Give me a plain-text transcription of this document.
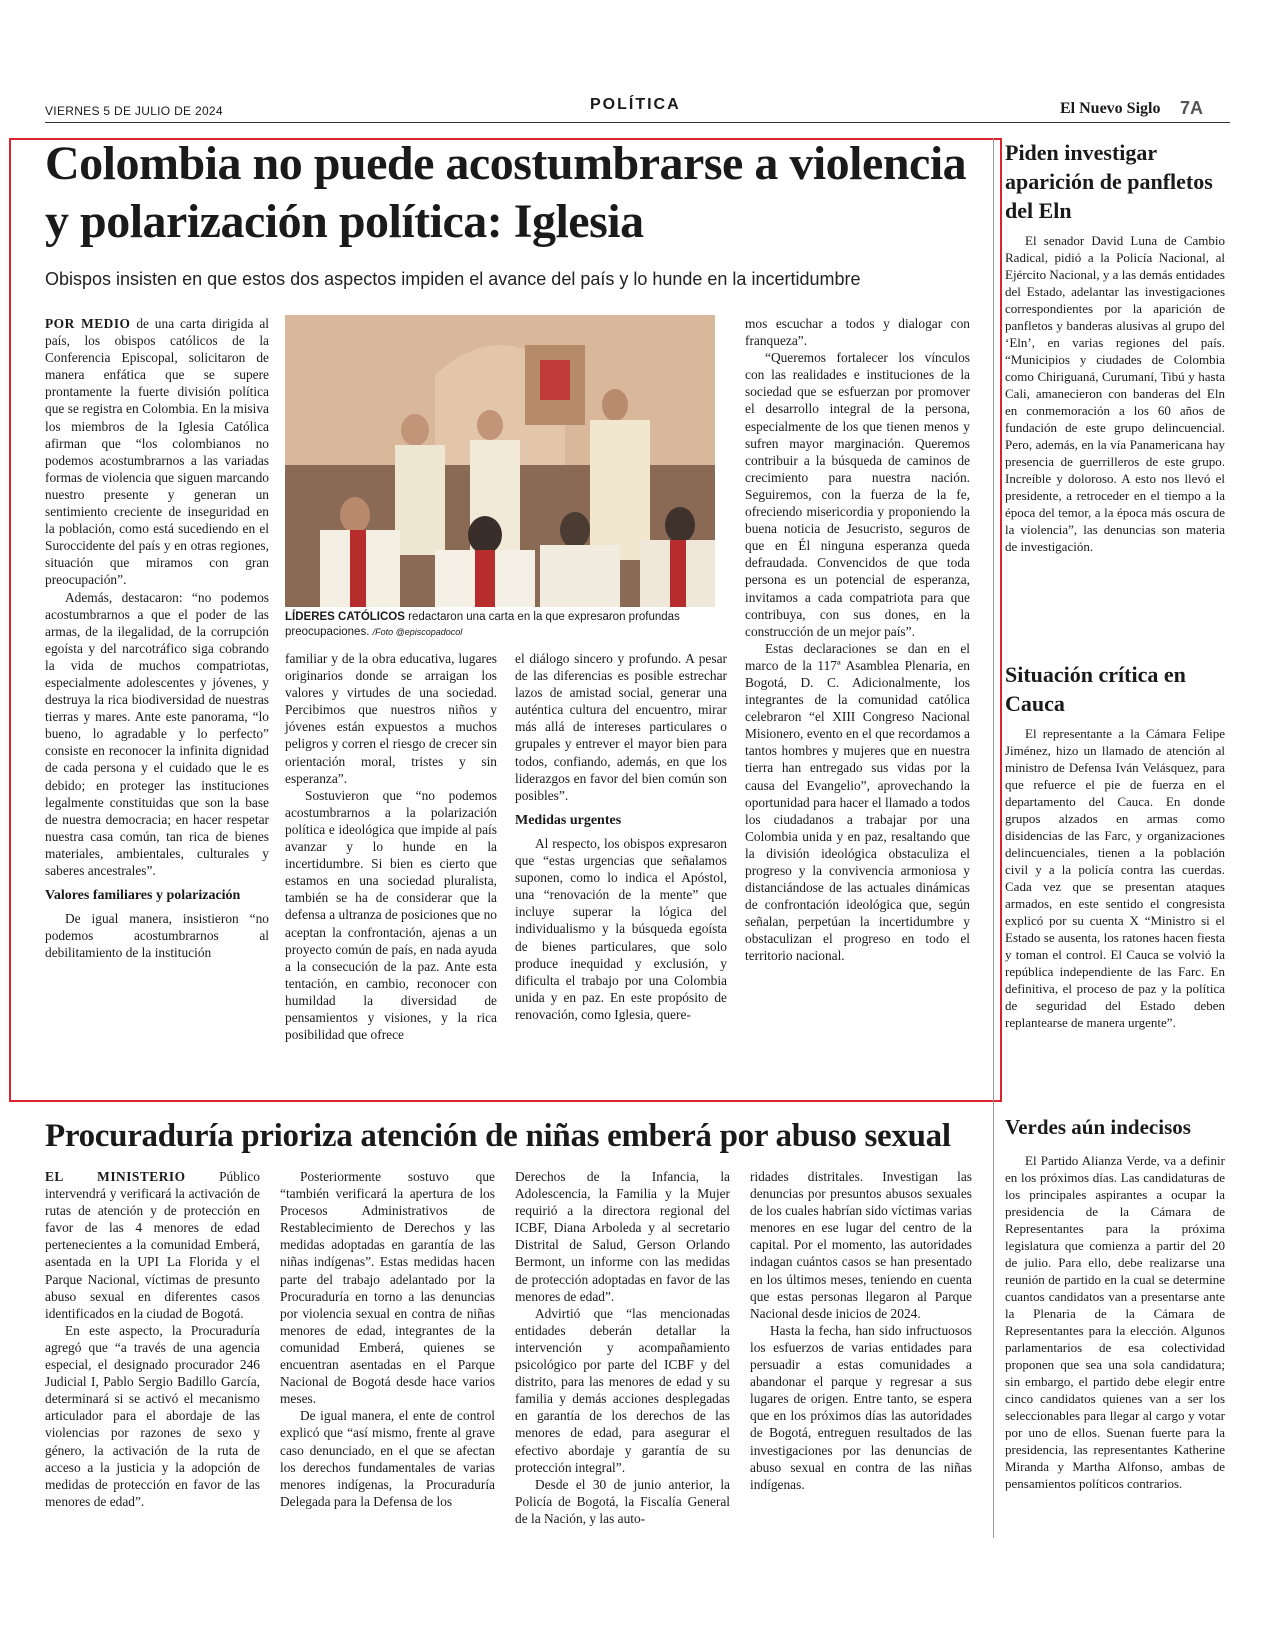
VIERNES 5 DE JULIO DE 2024	POLÍTICA	El Nuevo Siglo 7A
Colombia no puede acostumbrarse a violencia y polarización política: Iglesia
Obispos insisten en que estos dos aspectos impiden el avance del país y lo hunde en la incertidumbre

POR MEDIO de una carta dirigida al país, los obispos católicos de la Conferencia Episcopal, solicitaron de manera enfática que se supere prontamente la fuerte división política que se registra en Colombia. En la misiva los miembros de la Iglesia Católica afirman que “los colombianos no podemos acostumbrarnos a las variadas formas de violencia que siguen marcando nuestro presente y generan un sentimiento creciente de inseguridad en la población, como está sucediendo en el Suroccidente del país y en otras regiones, situación que miramos con gran preocupación”.

Además, destacaron: “no podemos acostumbrarnos a que el poder de las armas, de la ilegalidad, de la corrupción egoísta y del narcotráfico siga cobrando la vida de muchos compatriotas, especialmente adolescentes y jóvenes, y destruya la rica biodiversidad de nuestras tierras y mares. Ante este panorama, “lo bueno, lo agradable y lo perfecto” consiste en reconocer la infinita dignidad de cada persona y el cuidado que le es debido; en proteger las instituciones legalmente constituidas que son la base de nuestra democracia; en hacer respetar nuestra casa común, tan rica de bienes materiales, ambientales, culturales y saberes ancestrales”.

Valores familiares y polarización

De igual manera, insistieron “no podemos acostumbrarnos al debilitamiento de la institución

LÍDERES CATÓLICOS redactaron una carta en la que expresaron profundas preocupaciones. /Foto @episcopadocol

familiar y de la obra educativa, lugares originarios donde se arraigan los valores y virtudes de una sociedad. Percibimos que nuestros niños y jóvenes están expuestos a muchos peligros y corren el riesgo de crecer sin orientación moral, tristes y sin esperanza”.

Sostuvieron que “no podemos acostumbrarnos a la polarización política e ideológica que impide al país avanzar y lo hunde en la incertidumbre. Si bien es cierto que estamos en una sociedad pluralista, también se ha de considerar que la defensa a ultranza de posiciones que no aceptan la confrontación, ajenas a un proyecto común de país, en nada ayuda a la consecución de la paz. Ante esta tentación, en cambio, reconocer con humildad la diversidad de pensamientos y visiones, y la rica posibilidad que ofrece

el diálogo sincero y profundo. A pesar de las diferencias es posible estrechar lazos de amistad social, generar una auténtica cultura del encuentro, mirar más allá de intereses particulares o grupales y entrever el mayor bien para todos, confiando, además, en que los liderazgos en favor del bien común son posibles”.

Medidas urgentes

Al respecto, los obispos expresaron que “estas urgencias que señalamos suponen, como lo indica el Apóstol, una “renovación de la mente” que incluye superar la lógica del individualismo y la búsqueda egoísta de bienes particulares, que solo produce inequidad y exclusión, y dificulta el trabajo por una Colombia unida y en paz. En este propósito de renovación, como Iglesia, quere-

mos escuchar a todos y dialogar con franqueza”.

“Queremos fortalecer los vínculos con las realidades e instituciones de la sociedad que se esfuerzan por promover el desarrollo integral de la persona, especialmente de los que tienen menos y sufren mayor marginación. Queremos contribuir a la búsqueda de caminos de crecimiento para nuestra nación. Seguiremos, con la fuerza de la fe, ofreciendo misericordia y proponiendo la buena noticia de Jesucristo, seguros de que en Él ninguna esperanza queda defraudada. Convencidos de que toda persona es un potencial de esperanza, invitamos a cada compatriota para que contribuya, con sus dones, en la construcción de un mejor país”.

Estas declaraciones se dan en el marco de la 117ª Asamblea Plenaria, en Bogotá, D. C. Adicionalmente, los integrantes de la comunidad católica celebraron “el XIII Congreso Nacional Misionero, evento en el que recordamos a tantos hombres y mujeres que en nuestra tierra han entregado sus vidas por la causa del Evangelio”, aprovechando la oportunidad para hacer el llamado a todos los ciudadanos a trabajar por una Colombia unida y en paz, resaltando que la división ideológica obstaculiza el progreso y la convivencia armoniosa y distanciándose de las actuales dinámicas de confrontación ideológica que, según señalan, perpetúan la incertidumbre y obstaculizan el progreso en todo el territorio nacional.

Procuraduría prioriza atención de niñas emberá por abuso sexual

EL MINISTERIO	Público intervendrá y verificará la activación de rutas de atención y de protección en favor de las 4 menores de edad pertenecientes a la comunidad Emberá, asentada en la UPI La Florida y el Parque Nacional, víctimas de presunto abuso sexual en diferentes casos identificados en la ciudad de Bogotá.

En este aspecto, la Procuraduría agregó que “a través de una agencia especial, el designado procurador 246 Judicial I, Pablo Sergio Badillo García, determinará si se activó el mecanismo articulador para el abordaje de las violencias por razones de sexo y género, la activación de la ruta de acceso a la justicia y la adopción de medidas de protección en favor de las menores de edad”.

Posteriormente sostuvo que “también verificará la apertura de los Procesos Administrativos de Restablecimiento de Derechos y las medidas adoptadas en garantía de las niñas indígenas”. Estas medidas hacen parte del trabajo adelantado por la Procuraduría en torno a las denuncias por violencia sexual en contra de niñas menores de edad, integrantes de la comunidad Emberá, quienes se encuentran asentadas en el Parque Nacional de Bogotá desde hace varios meses.

De igual manera, el ente de control explicó que “así mismo, frente al grave caso denunciado, en el que se afectan los derechos fundamentales de varias menores indígenas, la Procuraduría Delegada para la Defensa de los

Derechos de la Infancia, la Adolescencia, la Familia y la Mujer requirió a la directora regional del ICBF, Diana Arboleda y al secretario Distrital de Salud, Gerson Orlando Bermont, un informe con las medidas de protección adoptadas en favor de las menores de edad”.

Advirtió que “las mencionadas entidades deberán detallar la intervención y acompañamiento psicológico por parte del ICBF y del distrito, para las menores de edad y su familia y demás acciones desplegadas en garantía de los derechos de las menores de edad, para asegurar el efectivo abordaje y garantía de su protección integral”.

Desde el 30 de junio anterior, la Policía de Bogotá, la Fiscalía General de la Nación, y las auto-

ridades distritales. Investigan las denuncias por presuntos abusos sexuales de los cuales habrían sido víctimas varias menores en ese lugar del centro de la capital. Por el momento, las autoridades indagan cuántos casos se han presentado en los últimos meses, teniendo en cuenta que estas personas llegaron al Parque Nacional desde inicios de 2024.

Hasta la fecha, han sido infructuosos los esfuerzos de varias entidades para persuadir a estas comunidades a abandonar el parque y regresar a sus lugares de origen. Entre tanto, se espera que en los próximos días las autoridades de Bogotá, entreguen resultados de las investigaciones por las denuncias de abuso sexual en contra de las niñas indígenas.

Piden investigar aparición de panfletos del Eln

El senador David Luna de Cambio Radical, pidió a la Policía Nacional, al Ejército Nacional, y a las demás entidades del Estado, adelantar las investigaciones correspondientes por la aparición de panfletos y banderas alusivas al grupo del ‘Eln’, en varias regiones del país. “Municipios y ciudades de Colombia como Chiriguaná, Curumaní, Tibú y hasta Cali, amanecieron con banderas del Eln en conmemoración a los 60 años de fundación de este grupo delincuencial. Pero, además, en la vía Panamericana hay presencia de guerrilleros de este grupo. Increíble y doloroso. A esto nos llevó el presidente, a retroceder en el tiempo a la época del temor, a la época más oscura de la violencia”, las denuncias son materia de investigación.

Situación crítica en Cauca

El representante a la Cámara Felipe Jiménez, hizo un llamado de atención al ministro de Defensa Iván Velásquez, para que refuerce el pie de fuerza en el departamento del Cauca. En donde grupos alzados en armas como disidencias de las Farc, y organizaciones delincuenciales, tienen a la población civil y a la policía contra las cuerdas. Cada vez que se presentan ataques armados, en este sentido el congresista explicó por su cuenta X “Ministro si el Estado se ausenta, los ratones hacen fiesta y toman el control. El Cauca se volvió la república independiente de las Farc. En definitiva, el proceso de paz y la política de seguridad del Estado deben replantearse de manera urgente”.

Verdes aún indecisos

El Partido Alianza Verde, va a definir en los próximos días. Las candidaturas de los principales aspirantes a ocupar la presidencia de la Cámara de Representantes para la próxima legislatura que comienza a partir del 20 de julio. Para ello, debe realizarse una reunión de partido en la cual se determine cuantos candidatos van a presentarse ante la Plenaria de la Cámara de Representantes para la elección. Algunos parlamentarios de esa colectividad proponen que sea una sola candidatura; sin embargo, el partido debe elegir entre cinco candidatos quienes van a ser los seleccionables para llegar al cargo y votar por uno de ellos. Suenan fuerte para la presidencia, las representantes Katherine Miranda y Martha Alfonso, ambas de pensamientos políticos contrarios.
